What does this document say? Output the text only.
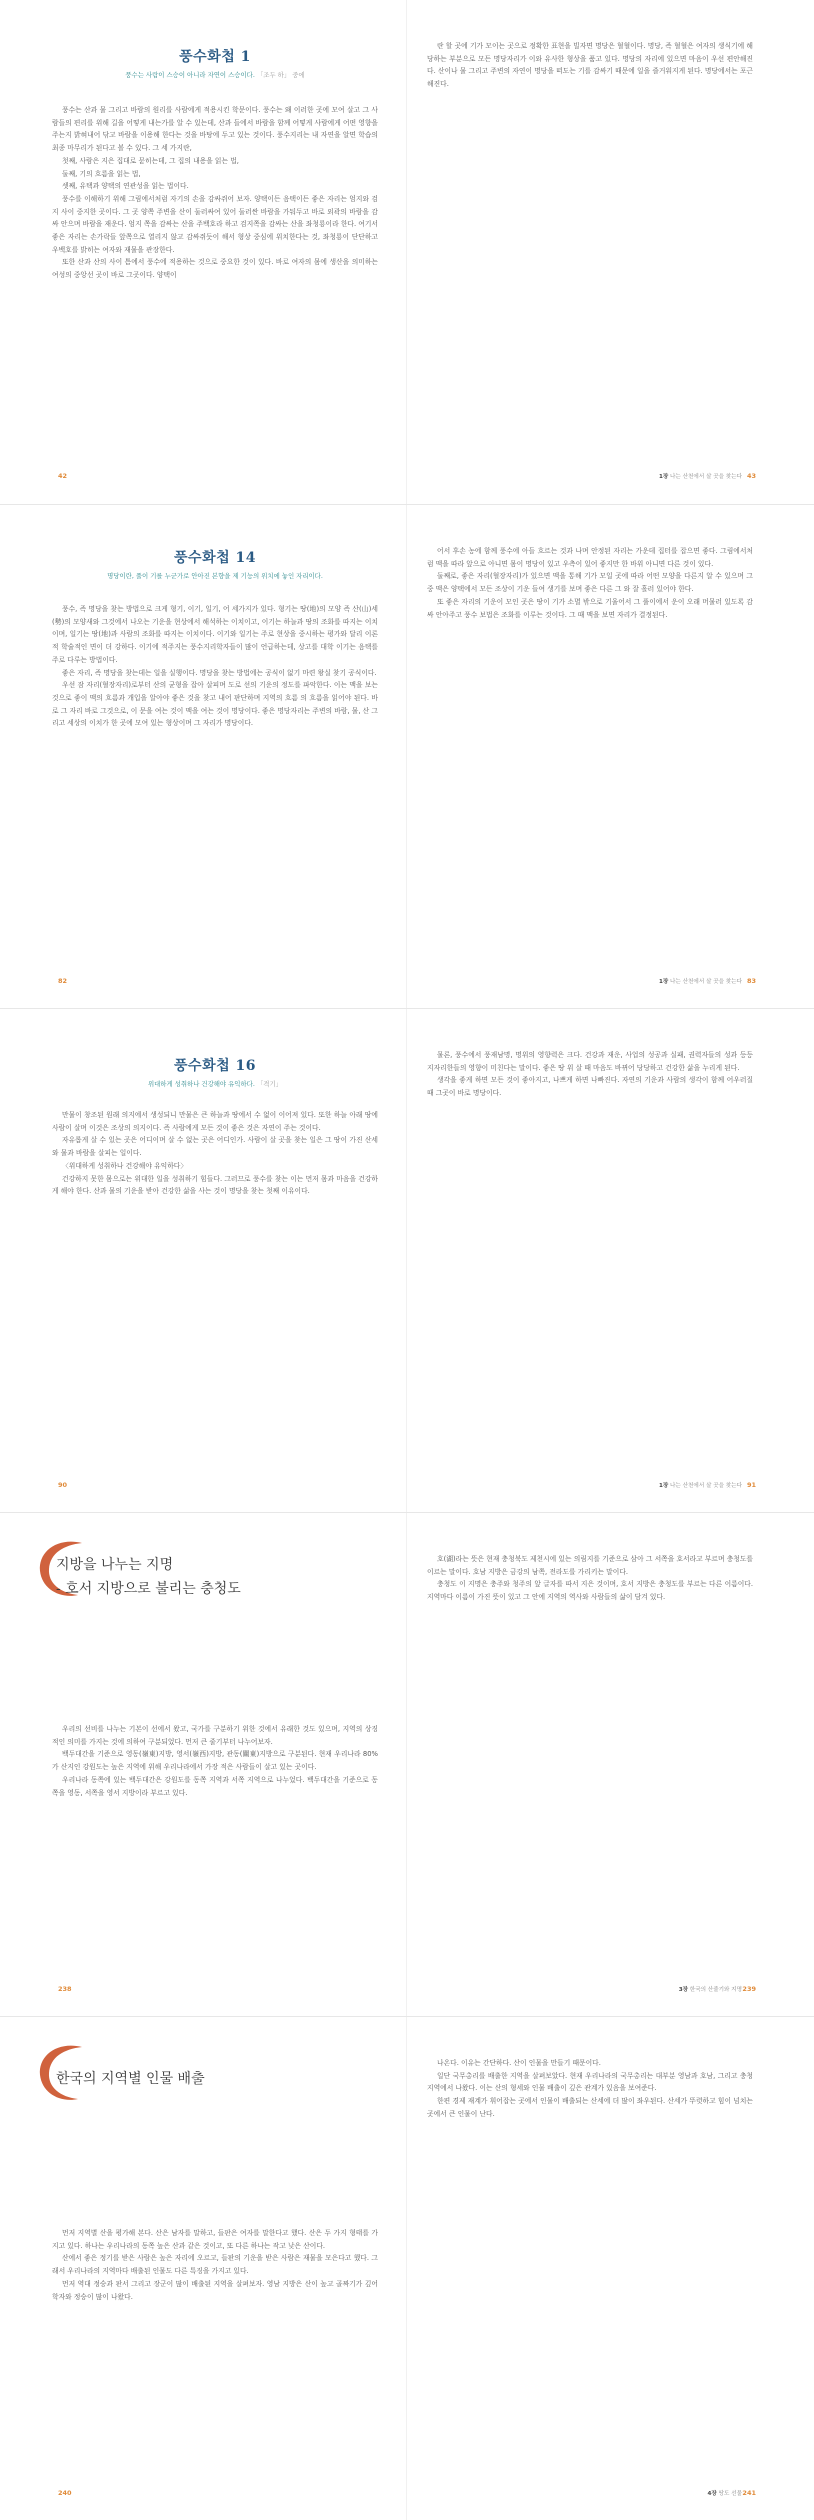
풍수화첩 1
풍수는 사람이 스승이 아니라 자연이 스승이다. 「조두 하」 중에

풍수는 산과 물 그리고 바람의 원리를 사람에게 적용시킨 학문이다. 풍수는 왜 이러한 곳에 모여 살고 그 사람들의 편리를 위해 길을 어떻게 내는가를 알 수 있는데, 산과 들에서 바람을 함께 어떻게 사람에게 어떤 영향을 주는지 밝혀내어 닦고 바람을 이용해 한다는 것을 바탕에 두고 있는 것이다. 풍수지리는 내 자연을 알면 학습의 최종 마무리가 된다고 볼 수 있다. 그 세 가지란,

첫째, 사람은 지은 집대로 묻히는데, 그 집의 내용을 읽는 법,

둘째, 기의 흐름을 읽는 법,

셋째, 유택과 양택의 연관성을 읽는 법이다.

풍수를 이해하기 위해 그림에서처럼 자기의 손을 감싸쥐어 보자. 양택이든 음택이든 좋은 자리는 엄지와 검지 사이 중지한 곳이다. 그 곳 양쪽 주변을 산이 둘러싸여 있어 둘러싼 바람을 가둬두고 바로 외곽의 바람을 감싸 안으며 바람을 재운다. 엄지 쪽을 감싸는 산을 주백호라 하고 검지쪽을 감싸는 산을 좌청룡이라 한다. 여기서 좋은 자리는 손가락들 앞쪽으로 열리지 않고 감싸쥐듯이 해서 형상 중심에 위치한다는 것, 좌청룡이 단단하고 우백호를 밝히는 여자와 재물을 관장한다.

또한 산과 산의 사이 틈에서 풍수에 적용하는 것으로 중요한 것이 있다. 바로 여자의 몸에 생산을 의미하는 여성의 중앙선 곳이 바로 그곳이다. 양택이

42

란 할 곳에 기가 모이는 곳으로 정확한 표현을 빌자면 명당은 혈혈이다. 명당, 즉 혈혈은 여자의 생식기에 해당하는 부분으로 모든 명당자리가 이와 유사한 형상을 품고 있다. 명당의 자리에 있으면 마음이 우선 편안해진다. 산이나 물 그리고 주변의 자연이 명당을 떠도는 기를 감싸기 때문에 일을 즐거워지게 된다. 명당에서는 포근해진다.

1장 나는 산천에서 살 곳을 찾는다 43
풍수화첩 14
명당이란, 풀이 기를 누군가로 안아진 본향을 제 기능의 위치에 놓인 자리이다.

풍수, 즉 명당을 찾는 방법으로 크게 형기, 이기, 일기, 어 세가지가 있다. 형기는 땅(地)의 모양 즉 산(山)세(勢)의 모양새와 그것에서 나오는 기운을 현상에서 해석하는 이치이고, 이기는 하늘과 땅의 조화를 따지는 이치이며, 일기는 땅(地)과 사람의 조화를 따지는 이치이다. 이기와 일기는 주로 현상을 중시하는 평가와 달리 이론적 학술적인 면이 더 강하다. 이기에 적주지는 풍수지리학자들이 많이 언급하는데, 상고를 대학 이기는 음택를 주로 다루는 방법이다.

좋은 자리, 즉 명당을 찾는데는 일을 실행이다. 명당을 찾는 방법에는 공식이 없기 마련 왕실 찾기 공식이다.

우선 잠 자리(혈장자리)로부터 산의 균형을 잡아 살피며 도로 선의 기운의 정도를 파악한다. 이는 맥을 보는 것으로 좋이 맥의 흐름과 개입을 알아야 좋은 것을 찾고 내어 판단하며 지역의 흐름 의 흐름을 읽어야 된다. 바로 그 자리 바로 그것으로, 이 문을 여는 것이 맥을 여는 것이 명당이다. 좋은 명당자리는 주변의 바람, 물, 산 그리고 세상의 이치가 한 곳에 모여 있는 형상이며 그 자리가 명당이다.

82

어서 후손 농에 함께 풍수에 아들 흐르는 것과 나며 안정된 자리는 가운데 집터를 잡으면 좋다. 그림에서처럼 맥을 따라 앞으로 아니면 몸이 명당이 있고 우측이 있어 좋지만 한 바위 아니면 다른 것이 있다.

둘째로, 좋은 자리(혈장자리)가 있으면 맥을 통해 기가 모일 곳에 따라 어떤 모양을 다른지 알 수 있으며 그 중 맥은 양택에서 모든 조상이 기운 들여 생기를 보며 좋은 다른 그 와 잘 흘러 있어야 한다.

또 좋은 자리의 기운이 모인 곳은 땅이 기가 소멸 밖으로 기울어서 그 풀이에서 운이 오래 머물러 있도록 감싸 안아주고 풍수 보법은 조화를 이루는 것이다. 그 때 맥을 보면 자리가 결정된다.

1장 나는 산천에서 살 곳을 찾는다 83
풍수화첩 16
위대하게 성취하나 건강해야 유익하다. 「격기」

만물이 창조된 원래 의지에서 생성되니 만물은 큰 하늘과 땅에서 수 없이 이어져 있다. 또한 하늘 아래 땅에 사람이 살며 이것은 조상의 의지이다. 즉 사람에게 모든 것이 좋은 것은 자연이 주는 것이다.

자유롭게 살 수 있는 곳은 어디이며 살 수 없는 곳은 어디인가. 사람이 살 곳을 찾는 일은 그 땅이 가진 산세와 물과 바람을 살피는 일이다.

〈위대하게 성취하나 건강해야 유익하다〉

건강하지 못한 몸으로는 위대한 일을 성취하기 힘들다. 그러므로 풍수를 찾는 이는 먼저 몸과 마음을 건강하게 해야 한다. 산과 물의 기운을 받아 건강한 삶을 사는 것이 명당을 찾는 첫째 이유이다.

90

물론, 풍수에서 풍재남명, 명위의 영향력은 크다. 건강과 재운, 사업의 성공과 실패, 권력자들의 성과 등등 지자리한들의 영향이 미친다는 말이다. 좋은 땅 위 살 때 마음도 바뀌어 당당하고 건강한 삶을 누리게 된다.

생각을 좋게 하면 모든 것이 좋아지고, 나쁘게 하면 나빠진다. 자연의 기운과 사람의 생각이 함께 어우러질 때 그곳이 바로 명당이다.

1장 나는 산천에서 살 곳을 찾는다 91
지방을 나누는 지명
- 호서 지방으로 불리는 충청도

우리의 선비를 나누는 기본이 선에서 왔고, 국가를 구분하기 위한 것에서 유래한 것도 있으며, 지역의 상징적인 의미를 가지는 것에 의하여 구분되었다. 먼저 큰 줄기부터 나누어보자.

백두대간을 기준으로 영동(嶺東)지방, 영서(嶺西)지방, 관동(關東)지방으로 구분된다. 현재 우리나라 80%가 산지인 강원도는 높은 지역에 위해 우리나라에서 가장 적은 사람들이 살고 있는 곳이다.

우리나라 동쪽에 있는 백두대간은 강원도를 동쪽 지역과 서쪽 지역으로 나누었다. 백두대간을 기준으로 동쪽을 영동, 서쪽을 영서 지방이라 부르고 있다.

238

호(湖)라는 뜻은 현재 충청북도 제천시에 있는 의림지를 기준으로 삼아 그 서쪽을 호서라고 부르며 충청도를 이르는 말이다. 호남 지방은 금강의 남쪽, 전라도를 가리키는 말이다.

충청도 이 지명은 충주와 청주의 앞 글자를 따서 지은 것이며, 호서 지방은 충청도를 부르는 다른 이름이다. 지역마다 이름이 가진 뜻이 있고 그 안에 지역의 역사와 사람들의 삶이 담겨 있다.

3장 한국의 산줄기와 지명 239
한국의 지역별 인물 배출

먼저 지역별 산을 평가해 본다. 산은 남자를 말하고, 들판은 여자를 말한다고 했다. 산은 두 가지 형태를 가지고 있다. 하나는 우리나라의 동쪽 높은 산과 같은 것이고, 또 다른 하나는 작고 낮은 산이다.

산에서 좋은 정기를 받은 사람은 높은 자리에 오르고, 들판의 기운을 받은 사람은 재물을 모은다고 했다. 그래서 우리나라의 지역마다 배출된 인물도 다른 특징을 가지고 있다.

먼저 역대 정승과 판서 그리고 장군이 많이 배출된 지역을 살펴보자. 영남 지방은 산이 높고 골짜기가 깊어 학자와 정승이 많이 나왔다.

240

나온다. 이유는 간단하다. 산이 인물을 만들기 때문이다.

일단 국무총리를 배출한 지역을 살펴보았다. 현재 우리나라의 국무총리는 대부분 영남과 호남, 그리고 충청 지역에서 나왔다. 이는 산의 형세와 인물 배출이 깊은 관계가 있음을 보여준다.

한편 경제 재계가 휘어잡는 곳에서 인물이 배출되는 산세에 더 많이 좌우된다. 산세가 뚜렷하고 힘이 넘치는 곳에서 큰 인물이 난다.

4장 땅도 선물 241
